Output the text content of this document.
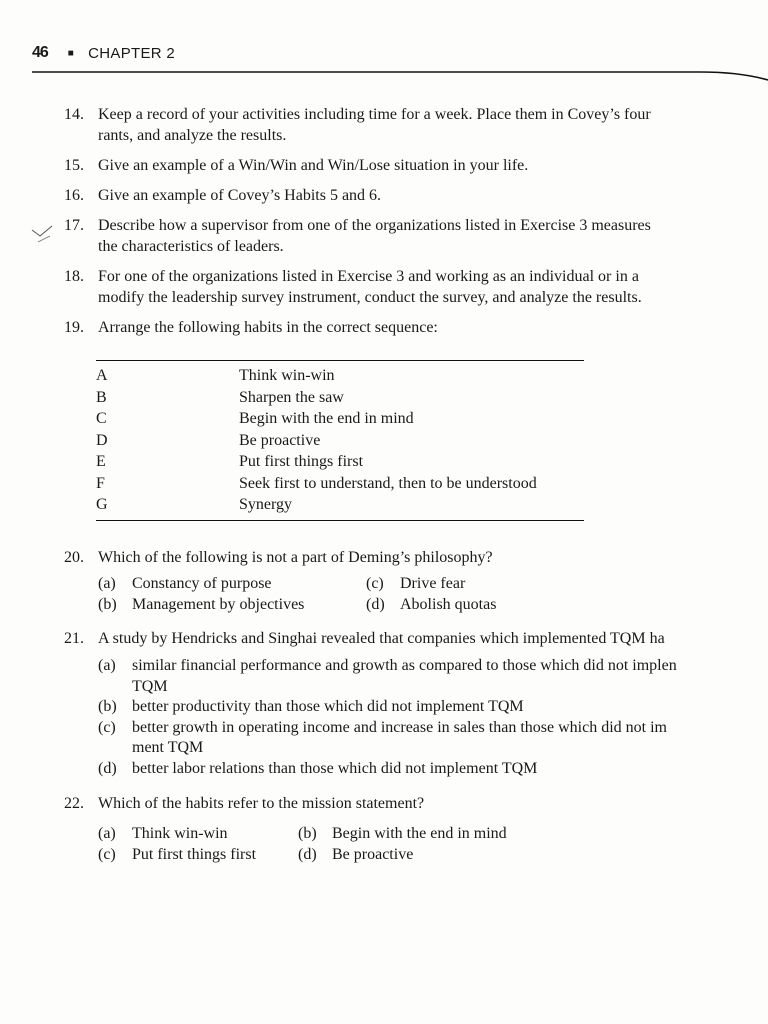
46 ■ CHAPTER 2
14. Keep a record of your activities including time for a week. Place them in Covey’s four
rants, and analyze the results.
15. Give an example of a Win/Win and Win/Lose situation in your life.
16. Give an example of Covey’s Habits 5 and 6.
17. Describe how a supervisor from one of the organizations listed in Exercise 3 measures
the characteristics of leaders.
18. For one of the organizations listed in Exercise 3 and working as an individual or in a
modify the leadership survey instrument, conduct the survey, and analyze the results.
19. Arrange the following habits in the correct sequence:
A	Think win-win
B	Sharpen the saw
C	Begin with the end in mind
D	Be proactive
E	Put first things first
F	Seek first to understand, then to be understood
G	Synergy
20. Which of the following is not a part of Deming’s philosophy?
(a)	Constancy of purpose	(c)	Drive fear
(b) Management by objectives	(d) Abolish quotas
21. A study by Hendricks and Singhai revealed that companies which implemented TQM ha
(a)	similar financial performance and growth as compared to those which did not implen
TQM
(b) better productivity than those which did not implement TQM
(c)	better growth in operating income and increase in sales than those which did not im
ment TQM
(d) better labor relations than those which did not implement TQM
22. Which of the habits refer to the mission statement?
(a)	Think win-win	(b) Begin with the end in mind
(c)	Put first things first	(d) Be proactive
